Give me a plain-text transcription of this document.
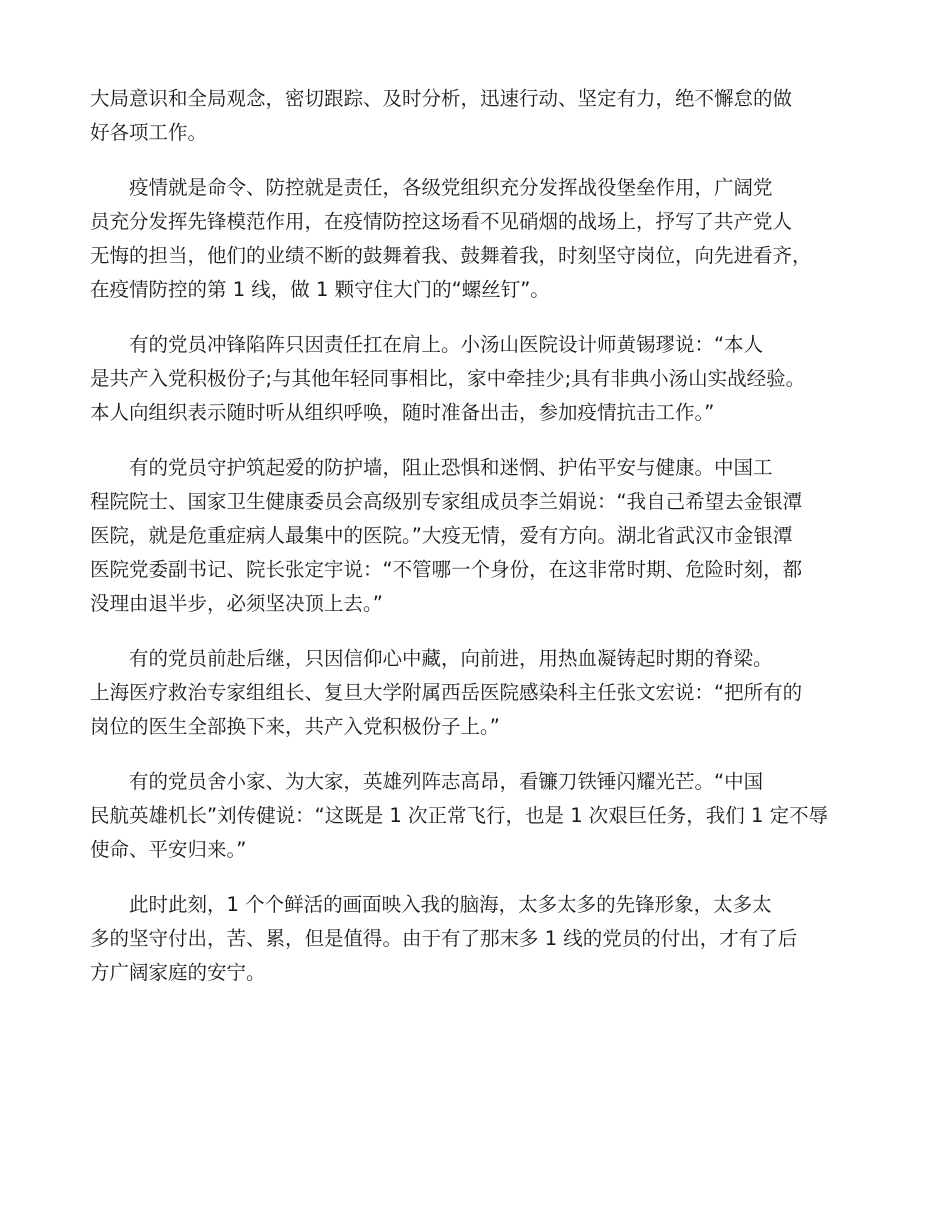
大局意识和全局观念，密切跟踪、及时分析，迅速行动、坚定有力，绝不懈怠的做
好各项工作。

疫情就是命令、防控就是责任，各级党组织充分发挥战役堡垒作用，广阔党
员充分发挥先锋模范作用，在疫情防控这场看不见硝烟的战场上，抒写了共产党人
无悔的担当，他们的业绩不断的鼓舞着我、鼓舞着我，时刻坚守岗位，向先进看齐，
在疫情防控的第 1 线，做 1 颗守住大门的“螺丝钉”。

有的党员冲锋陷阵只因责任扛在肩上。小汤山医院设计师黄锡璆说：“本人
是共产入党积极份子;与其他年轻同事相比，家中牵挂少;具有非典小汤山实战经验。
本人向组织表示随时听从组织呼唤，随时准备出击，参加疫情抗击工作。”

有的党员守护筑起爱的防护墙，阻止恐惧和迷惘、护佑平安与健康。中国工
程院院士、国家卫生健康委员会高级别专家组成员李兰娟说：“我自己希望去金银潭
医院，就是危重症病人最集中的医院。”大疫无情，爱有方向。湖北省武汉市金银潭
医院党委副书记、院长张定宇说：“不管哪一个身份，在这非常时期、危险时刻，都
没理由退半步，必须坚决顶上去。”

有的党员前赴后继，只因信仰心中藏，向前进，用热血凝铸起时期的脊梁。
上海医疗救治专家组组长、复旦大学附属西岳医院感染科主任张文宏说：“把所有的
岗位的医生全部换下来，共产入党积极份子上。”

有的党员舍小家、为大家，英雄列阵志高昂，看镰刀铁锤闪耀光芒。“中国
民航英雄机长”刘传健说：“这既是 1 次正常飞行，也是 1 次艰巨任务，我们 1 定不辱
使命、平安归来。”

此时此刻，1 个个鲜活的画面映入我的脑海，太多太多的先锋形象，太多太
多的坚守付出，苦、累，但是值得。由于有了那末多 1 线的党员的付出，才有了后
方广阔家庭的安宁。
